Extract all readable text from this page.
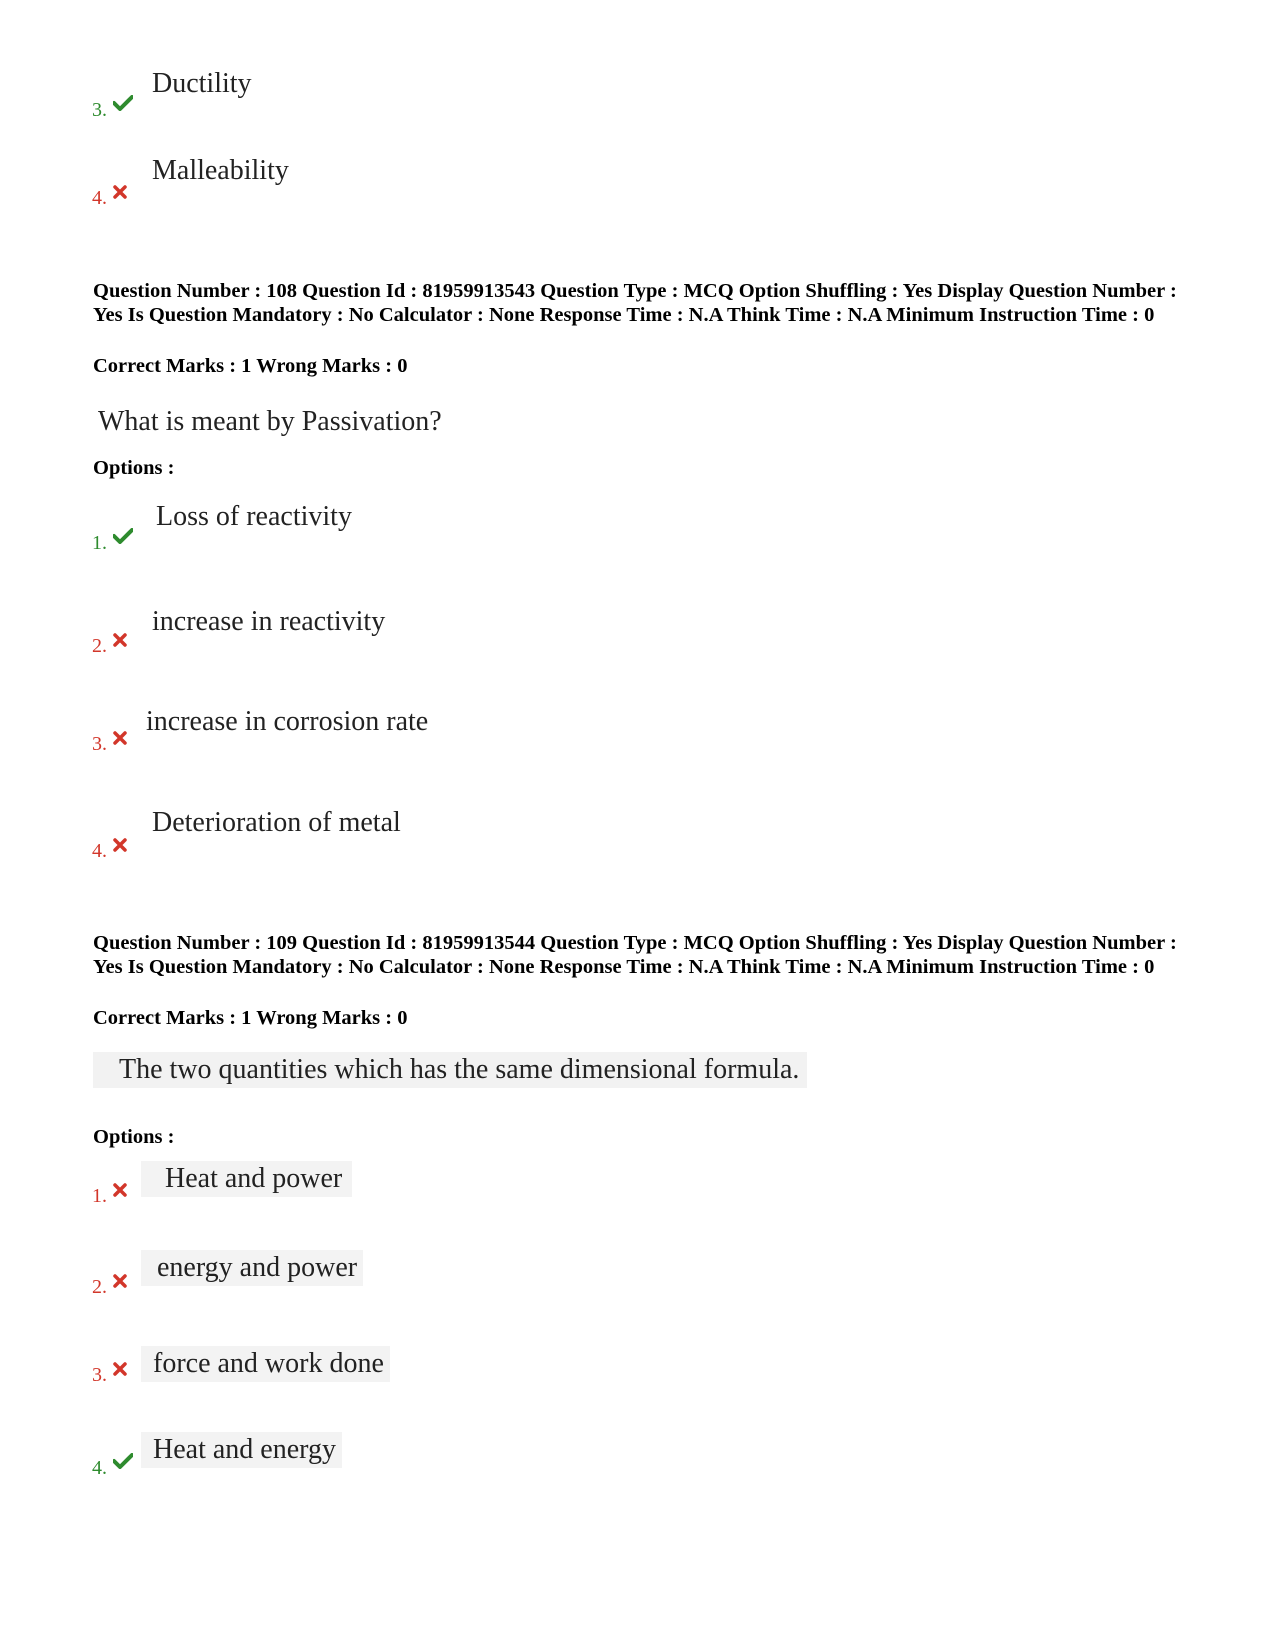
Ductility
3.
Malleability
4.
Question Number : 108 Question Id : 81959913543 Question Type : MCQ Option Shuffling : Yes Display Question Number : Yes Is Question Mandatory : No Calculator : None Response Time : N.A Think Time : N.A Minimum Instruction Time : 0
Correct Marks : 1 Wrong Marks : 0
What is meant by Passivation?
Options :
Loss of reactivity
1.
increase in reactivity
2.
increase in corrosion rate
3.
Deterioration of metal
4.
Question Number : 109 Question Id : 81959913544 Question Type : MCQ Option Shuffling : Yes Display Question Number : Yes Is Question Mandatory : No Calculator : None Response Time : N.A Think Time : N.A Minimum Instruction Time : 0
Correct Marks : 1 Wrong Marks : 0
The two quantities which has the same dimensional formula.
Options :
Heat and power
1.
energy and power
2.
force and work done
3.
Heat and energy
4.
